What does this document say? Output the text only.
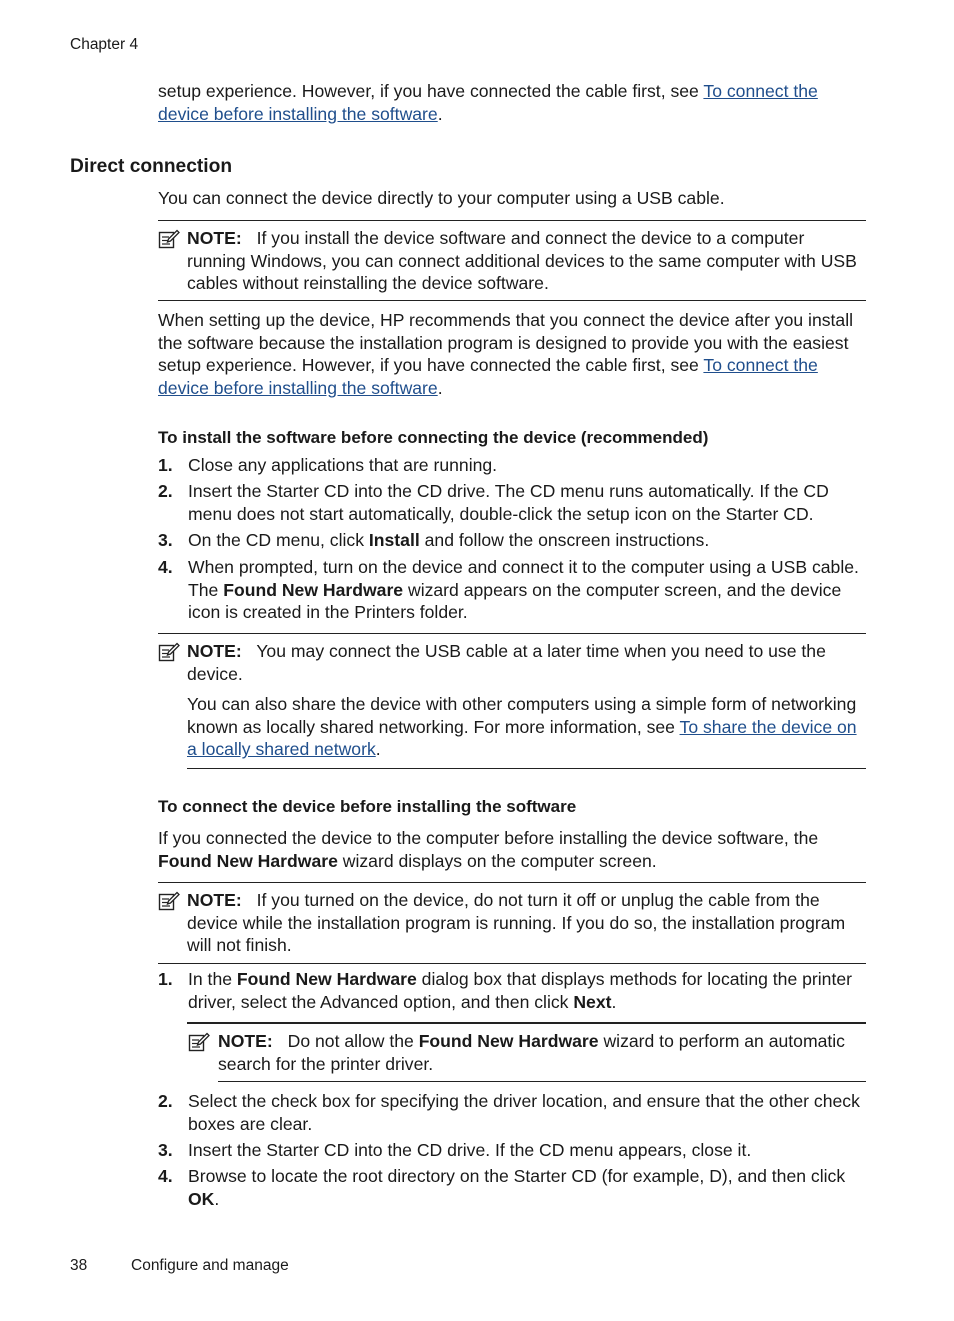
Chapter 4

setup experience. However, if you have connected the cable first, see To connect the device before installing the software.

Direct connection

You can connect the device directly to your computer using a USB cable.

NOTE: If you install the device software and connect the device to a computer running Windows, you can connect additional devices to the same computer with USB cables without reinstalling the device software.

When setting up the device, HP recommends that you connect the device after you install the software because the installation program is designed to provide you with the easiest setup experience. However, if you have connected the cable first, see To connect the device before installing the software.

To install the software before connecting the device (recommended)
1. Close any applications that are running.
2. Insert the Starter CD into the CD drive. The CD menu runs automatically. If the CD menu does not start automatically, double-click the setup icon on the Starter CD.
3. On the CD menu, click Install and follow the onscreen instructions.
4. When prompted, turn on the device and connect it to the computer using a USB cable. The Found New Hardware wizard appears on the computer screen, and the device icon is created in the Printers folder.

NOTE: You may connect the USB cable at a later time when you need to use the device.

You can also share the device with other computers using a simple form of networking known as locally shared networking. For more information, see To share the device on a locally shared network.

To connect the device before installing the software

If you connected the device to the computer before installing the device software, the Found New Hardware wizard displays on the computer screen.

NOTE: If you turned on the device, do not turn it off or unplug the cable from the device while the installation program is running. If you do so, the installation program will not finish.

1. In the Found New Hardware dialog box that displays methods for locating the printer driver, select the Advanced option, and then click Next.

NOTE: Do not allow the Found New Hardware wizard to perform an automatic search for the printer driver.

2. Select the check box for specifying the driver location, and ensure that the other check boxes are clear.
3. Insert the Starter CD into the CD drive. If the CD menu appears, close it.
4. Browse to locate the root directory on the Starter CD (for example, D), and then click OK.
38	Configure and manage
